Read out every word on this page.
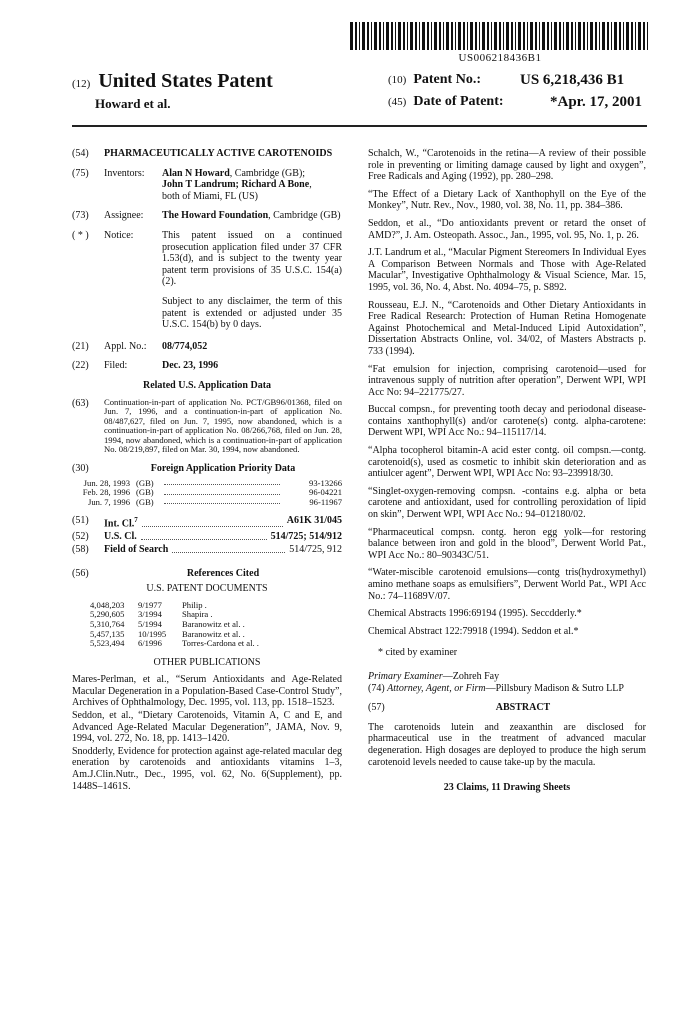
US006218436B1
(12) United States Patent
Howard et al.
(10) Patent No.:	US 6,218,436 B1
(45) Date of Patent:	*Apr. 17, 2001
(54)	PHARMACEUTICALLY ACTIVE CAROTENOIDS
(75)	Inventors:	Alan N Howard, Cambridge (GB);
John T Landrum; Richard A Bone,
both of Miami, FL (US)
(73)	Assignee:	The Howard Foundation, Cambridge (GB)
( * )	Notice:	This patent issued on a continued prosecution application filed under 37 CFR 1.53(d), and is subject to the twenty year patent term provisions of 35 U.S.C. 154(a)(2).
Subject to any disclaimer, the term of this patent is extended or adjusted under 35 U.S.C. 154(b) by 0 days.
(21)	Appl. No.:	08/774,052
(22)	Filed:	Dec. 23, 1996
Related U.S. Application Data
(63)	Continuation-in-part of application No. PCT/GB96/01368, filed on Jun. 7, 1996, and a continuation-in-part of application No. 08/487,627, filed on Jun. 7, 1995, now abandoned, which is a continuation-in-part of application No. 08/266,768, filed on Jun. 28, 1994, now abandoned, which is a continuation-in-part of application No. 08/219,897, filed on Mar. 30, 1994, now abandoned.
(30)	Foreign Application Priority Data
Jun. 28, 1993 (GB)	93-13266
Feb. 28, 1996 (GB)	96-04221
Jun. 7, 1996 (GB)	96-11967
(51)	Int. Cl.$^7$	A61K 31/045
(52)	U.S. Cl.	514/725; 514/912
(58)	Field of Search	514/725, 912
(56)	References Cited
U.S. PATENT DOCUMENTS
4,048,203	9/1977	Philip .
5,290,605	3/1994	Shapira .
5,310,764	5/1994	Baranowitz et al. .
5,457,135	10/1995	Baranowitz et al. .
5,523,494	6/1996	Torres-Cardona et al. .
OTHER PUBLICATIONS
Mares-Perlman, et al., “Serum Antioxidants and Age-Related Macular Degeneration in a Population-Based Case-Control Study”, Archives of Ophthalmology, Dec. 1995, vol. 113, pp. 1518–1523.
Seddon, et al., “Dietary Carotenoids, Vitamin A, C and E, and Advanced Age-Related Macular Degeneration”, JAMA, Nov. 9, 1994, vol. 272, No. 18, pp. 1413–1420.
Snodderly, Evidence for protection against age-related macular deg eneration by carotenoids and antioxidants vitamins 1–3, Am.J.Clin.Nutr., Dec., 1995, vol. 62, No. 6(Supplement), pp. 1448S–1461S.
Schalch, W., “Carotenoids in the retina—A review of their possible role in preventing or limiting damage caused by light and oxygen”, Free Radicals and Aging (1992), pp. 280–298.
“The Effect of a Dietary Lack of Xanthophyll on the Eye of the Monkey”, Nutr. Rev., Nov., 1980, vol. 38, No. 11, pp. 384–386.
Seddon, et al., “Do antioxidants prevent or retard the onset of AMD?”, J. Am. Osteopath. Assoc., Jan., 1995, vol. 95, No. 1, p. 26.
J.T. Landrum et al., “Macular Pigment Stereomers In Individual Eyes A Comparison Between Normals and Those with Age-Related Macular”, Investigative Ophthalmology & Visual Science, Mar. 15, 1995, vol. 36, No. 4, Abst. No. 4094–75, p. S892.
Rousseau, E.J. N., “Carotenoids and Other Dietary Antioxidants in Free Radical Research: Protection of Human Retina Homogenate Against Photochemical and Metal-Induced Lipid Autoxidation”, Dissertation Abstracts Online, vol. 34/02, of Masters Abstracts p. 733 (1994).
“Fat emulsion for injection, comprising carotenoid—used for intravenous supply of nutrition after operation”, Derwent WPI, WPI Acc No: 94–221775/27.
Buccal compsn., for preventing tooth decay and periodonal disease-contains xanthophyll(s) and/or carotene(s) contg. alpha-carotene: Derwent WPI, WPI Acc No.: 94–115117/14.
“Alpha tocopherol bitamin-A acid ester contg. oil compsn.—contg. carotenoid(s), used as cosmetic to inhibit skin deterioration and as antiulcer agent”, Derwent WPI, WPI Acc No: 93–239918/30.
“Singlet-oxygen-removing compsn. -contains e.g. alpha or beta carotene and antioxidant, used for controlling peroxidation of lipid on skin”, Derwent WPI, WPI Acc No.: 94–012180/02.
“Pharmaceutical compsn. contg. heron egg yolk—for restoring balance between iron and gold in the blood”, Derwent World Pat., WPI Acc No.: 80–90343C/51.
“Water-miscible carotenoid emulsions—contg tris(hydroxymethyl) amino methane soaps as emulsifiers”, Derwent World Pat., WPI Acc No.: 74–11689V/07.
Chemical Abstracts 1996:69194 (1995). Seccdderly.*
Chemical Abstract 122:79918 (1994). Seddon et al.*
* cited by examiner
Primary Examiner—Zohreh Fay
(74) Attorney, Agent, or Firm—Pillsbury Madison & Sutro LLP
(57)	ABSTRACT
The carotenoids lutein and zeaxanthin are disclosed for pharmaceutical use in the treatment of advanced macular degeneration. High dosages are deployed to produce the high serum carotenoid levels needed to cause take-up by the macula.
23 Claims, 11 Drawing Sheets
